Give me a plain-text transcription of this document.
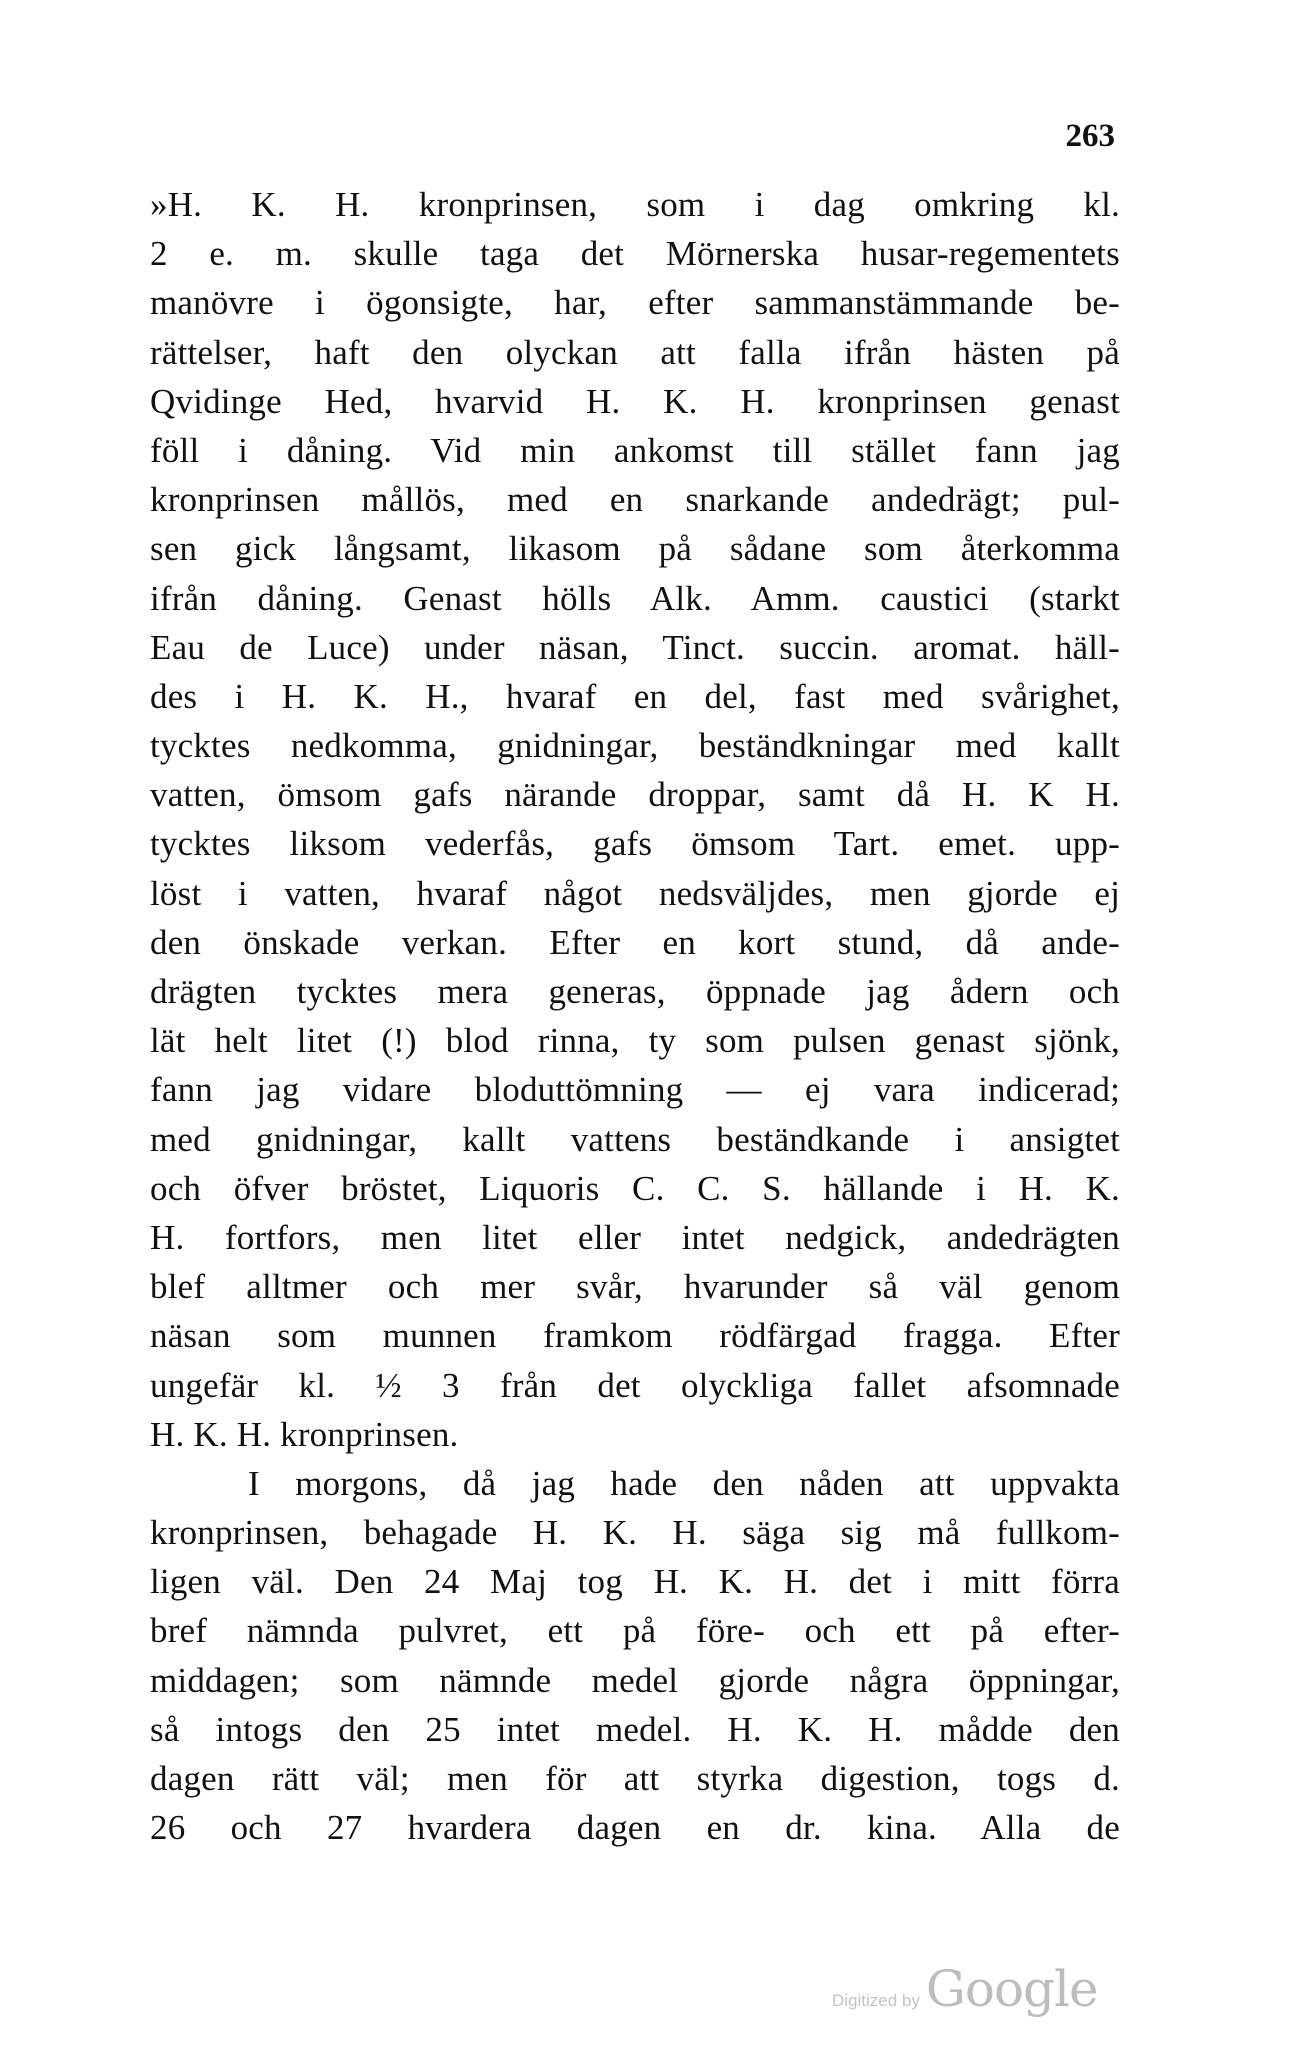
263
»H. K. H. kronprinsen, som i dag omkring kl.
2 e. m. skulle taga det Mörnerska husar-regementets
manövre i ögonsigte, har, efter sammanstämmande be-
rättelser, haft den olyckan att falla ifrån hästen på
Qvidinge Hed, hvarvid H. K. H. kronprinsen genast
föll i dåning. Vid min ankomst till stället fann jag
kronprinsen mållös, med en snarkande andedrägt; pul-
sen gick långsamt, likasom på sådane som återkomma
ifrån dåning. Genast hölls Alk. Amm. caustici (starkt
Eau de Luce) under näsan, Tinct. succin. aromat. häll-
des i H. K. H., hvaraf en del, fast med svårighet,
tycktes nedkomma, gnidningar, beständkningar med kallt
vatten, ömsom gafs närande droppar, samt då H. K H.
tycktes liksom vederfås, gafs ömsom Tart. emet. upp-
löst i vatten, hvaraf något nedsväljdes, men gjorde ej
den önskade verkan. Efter en kort stund, då ande-
drägten tycktes mera generas, öppnade jag ådern och
lät helt litet (!) blod rinna, ty som pulsen genast sjönk,
fann jag vidare bloduttömning — ej vara indicerad;
med gnidningar, kallt vattens beständkande i ansigtet
och öfver bröstet, Liquoris C. C. S. hällande i H. K.
H. fortfors, men litet eller intet nedgick, andedrägten
blef alltmer och mer svår, hvarunder så väl genom
näsan som munnen framkom rödfärgad fragga. Efter
ungefär kl. ½ 3 från det olyckliga fallet afsomnade
H. K. H. kronprinsen.
I morgons, då jag hade den nåden att uppvakta
kronprinsen, behagade H. K. H. säga sig må fullkom-
ligen väl. Den 24 Maj tog H. K. H. det i mitt förra
bref nämnda pulvret, ett på före- och ett på efter-
middagen; som nämnde medel gjorde några öppningar,
så intogs den 25 intet medel. H. K. H. mådde den
dagen rätt väl; men för att styrka digestion, togs d.
26 och 27 hvardera dagen en dr. kina. Alla de
Digitized by Google
